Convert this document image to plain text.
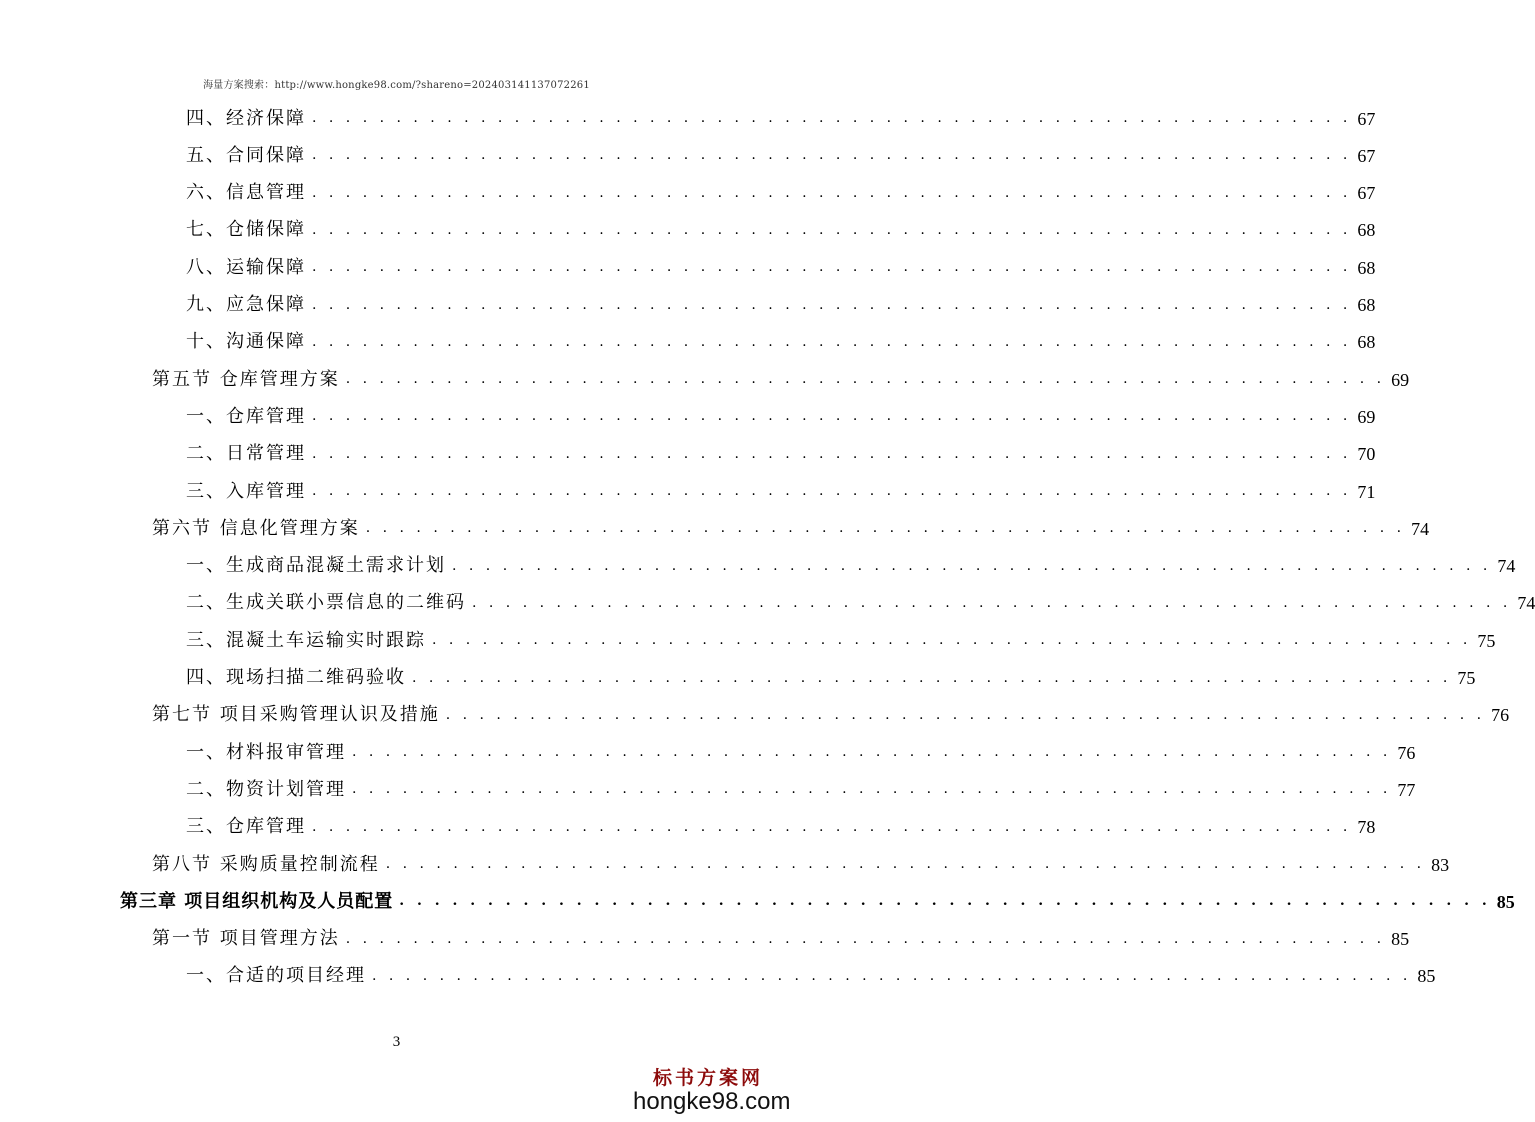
海量方案搜索：http://www.hongke98.com/?shareno=202403141137072261
四、经济保障 . . . . . . . . . . . . . . . . . . . . . . . . . . . . . . . . . . . . . . . . . . . . . . . . . . . . . . . . . . . . . . 67
五、合同保障 . . . . . . . . . . . . . . . . . . . . . . . . . . . . . . . . . . . . . . . . . . . . . . . . . . . . . . . . . . . . . . 67
六、信息管理 . . . . . . . . . . . . . . . . . . . . . . . . . . . . . . . . . . . . . . . . . . . . . . . . . . . . . . . . . . . . . . 67
七、仓储保障 . . . . . . . . . . . . . . . . . . . . . . . . . . . . . . . . . . . . . . . . . . . . . . . . . . . . . . . . . . . . . . 68
八、运输保障 . . . . . . . . . . . . . . . . . . . . . . . . . . . . . . . . . . . . . . . . . . . . . . . . . . . . . . . . . . . . . . 68
九、应急保障 . . . . . . . . . . . . . . . . . . . . . . . . . . . . . . . . . . . . . . . . . . . . . . . . . . . . . . . . . . . . . . 68
十、沟通保障 . . . . . . . . . . . . . . . . . . . . . . . . . . . . . . . . . . . . . . . . . . . . . . . . . . . . . . . . . . . . . . 68
第五节 仓库管理方案 . . . . . . . . . . . . . . . . . . . . . . . . . . . . . . . . . . . . . . . . . . . . . . . . . . . . . . . . . . . . . . 69
一、仓库管理 . . . . . . . . . . . . . . . . . . . . . . . . . . . . . . . . . . . . . . . . . . . . . . . . . . . . . . . . . . . . . . 69
二、日常管理 . . . . . . . . . . . . . . . . . . . . . . . . . . . . . . . . . . . . . . . . . . . . . . . . . . . . . . . . . . . . . . 70
三、入库管理 . . . . . . . . . . . . . . . . . . . . . . . . . . . . . . . . . . . . . . . . . . . . . . . . . . . . . . . . . . . . . . 71
第六节 信息化管理方案 . . . . . . . . . . . . . . . . . . . . . . . . . . . . . . . . . . . . . . . . . . . . . . . . . . . . . . . . . . . . . . 74
一、生成商品混凝土需求计划 . . . . . . . . . . . . . . . . . . . . . . . . . . . . . . . . . . . . . . . . . . . . . . . . . . . . . . . . . . . . . . 74
二、生成关联小票信息的二维码 . . . . . . . . . . . . . . . . . . . . . . . . . . . . . . . . . . . . . . . . . . . . . . . . . . . . . . . . . . . . . . 74
三、混凝土车运输实时跟踪 . . . . . . . . . . . . . . . . . . . . . . . . . . . . . . . . . . . . . . . . . . . . . . . . . . . . . . . . . . . . . . 75
四、现场扫描二维码验收 . . . . . . . . . . . . . . . . . . . . . . . . . . . . . . . . . . . . . . . . . . . . . . . . . . . . . . . . . . . . . . 75
第七节 项目采购管理认识及措施 . . . . . . . . . . . . . . . . . . . . . . . . . . . . . . . . . . . . . . . . . . . . . . . . . . . . . . . . . . . . . . 76
一、材料报审管理 . . . . . . . . . . . . . . . . . . . . . . . . . . . . . . . . . . . . . . . . . . . . . . . . . . . . . . . . . . . . . . 76
二、物资计划管理 . . . . . . . . . . . . . . . . . . . . . . . . . . . . . . . . . . . . . . . . . . . . . . . . . . . . . . . . . . . . . . 77
三、仓库管理 . . . . . . . . . . . . . . . . . . . . . . . . . . . . . . . . . . . . . . . . . . . . . . . . . . . . . . . . . . . . . . 78
第八节 采购质量控制流程 . . . . . . . . . . . . . . . . . . . . . . . . . . . . . . . . . . . . . . . . . . . . . . . . . . . . . . . . . . . . . . 83
第三章 项目组织机构及人员配置 . . . . . . . . . . . . . . . . . . . . . . . . . . . . . . . . . . . . . . . . . . . . . . . . . . . . . . . . . . . . . . 85
第一节 项目管理方法 . . . . . . . . . . . . . . . . . . . . . . . . . . . . . . . . . . . . . . . . . . . . . . . . . . . . . . . . . . . . . . 85
一、合适的项目经理 . . . . . . . . . . . . . . . . . . . . . . . . . . . . . . . . . . . . . . . . . . . . . . . . . . . . . . . . . . . . . . 85
3
标书方案网
hongke98.com
